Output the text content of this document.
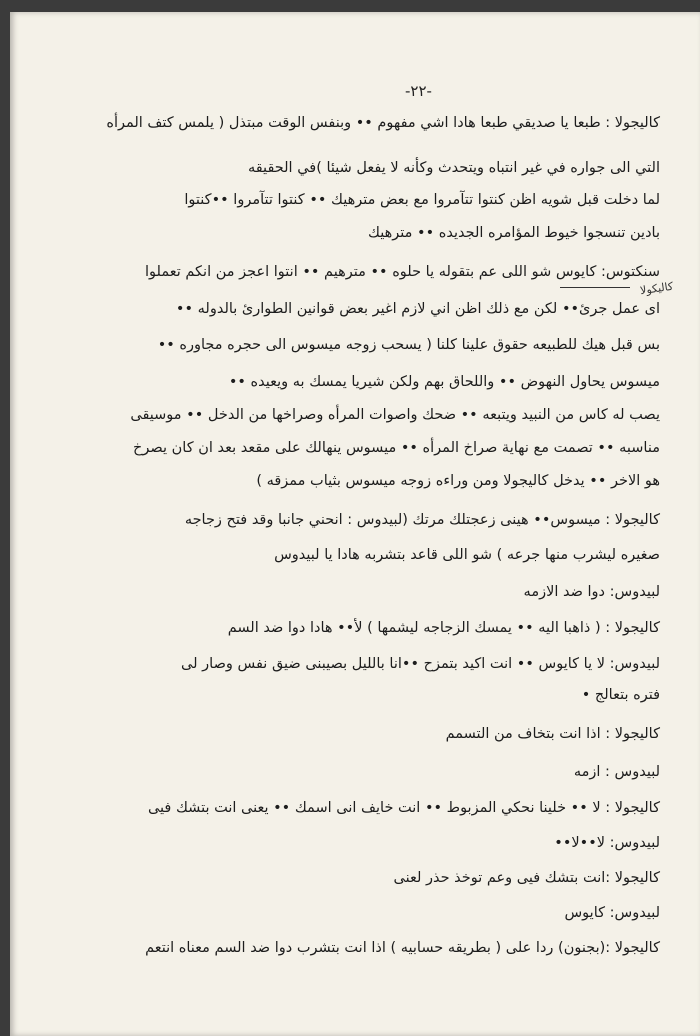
-٢٢-
كاليكولا
كاليجولا : طبعا يا صديقي طبعا هادا اشي مفهوم •• وبنفس الوقت مبتذل ( يلمس كتف المرأه
التي الى جواره في غير انتباه ويتحدث وكأنه لا يفعل شيئا )في الحقيقه
لما دخلت قبل شويه اظن كنتوا تتآمروا مع بعض مترهيك •• كنتوا تتآمروا ••كنتوا
بادين تنسجوا خيوط المؤامره الجديده •• مترهيك
سنكتوس: كايوس شو اللى عم بتقوله يا حلوه •• مترهيم •• انتوا اعجز من انكم تعملوا
اى عمل جرئ•• لكن مع ذلك اظن اني لازم اغير بعض قوانين الطوارئ بالدوله ••
بس قبل هيك للطبيعه حقوق علينا كلنا ( يسحب زوجه ميسوس الى حجره مجاوره ••
ميسوس يحاول النهوض •• واللحاق بهم ولكن شيريا يمسك به ويعيده ••
يصب له كاس من النبيد ويتبعه •• ضحك واصوات المرأه وصراخها من الدخل •• موسيقى
مناسبه •• تصمت مع نهاية صراخ المرأه •• ميسوس ينهالك على مقعد بعد ان كان يصرخ
هو الاخر •• يدخل كاليجولا ومن وراءه زوجه ميسوس بثياب ممزقه )
كاليجولا : ميسوس•• هينى زعجتلك مرتك (لبيدوس : انحني جانبا وقد فتح زجاجه
صغيره ليشرب منها جرعه ) شو اللى قاعد بتشربه هادا يا لبيدوس
لبيدوس: دوا ضد الازمه
كاليجولا : ( ذاهبا اليه •• يمسك الزجاجه ليشمها ) لأ•• هادا دوا ضد السم
لبيدوس: لا يا كايوس •• انت اكيد بتمزح ••انا بالليل بصيبنى ضيق نفس وصار لى
فتره بتعالج •
كاليجولا : اذا انت بتخاف من التسمم
لبيدوس : ازمه
كاليجولا : لا •• خلينا نحكي المزبوط •• انت خايف انى اسمك •• يعنى انت بتشك فيى
لبيدوس: لا••لا••
كاليجولا :انت بتشك فيى وعم توخذ حذر لعنى
لبيدوس: كايوس
كاليجولا :(بجنون) ردا على ( بطريقه حسابيه ) اذا انت بتشرب دوا ضد السم معناه انتعم
